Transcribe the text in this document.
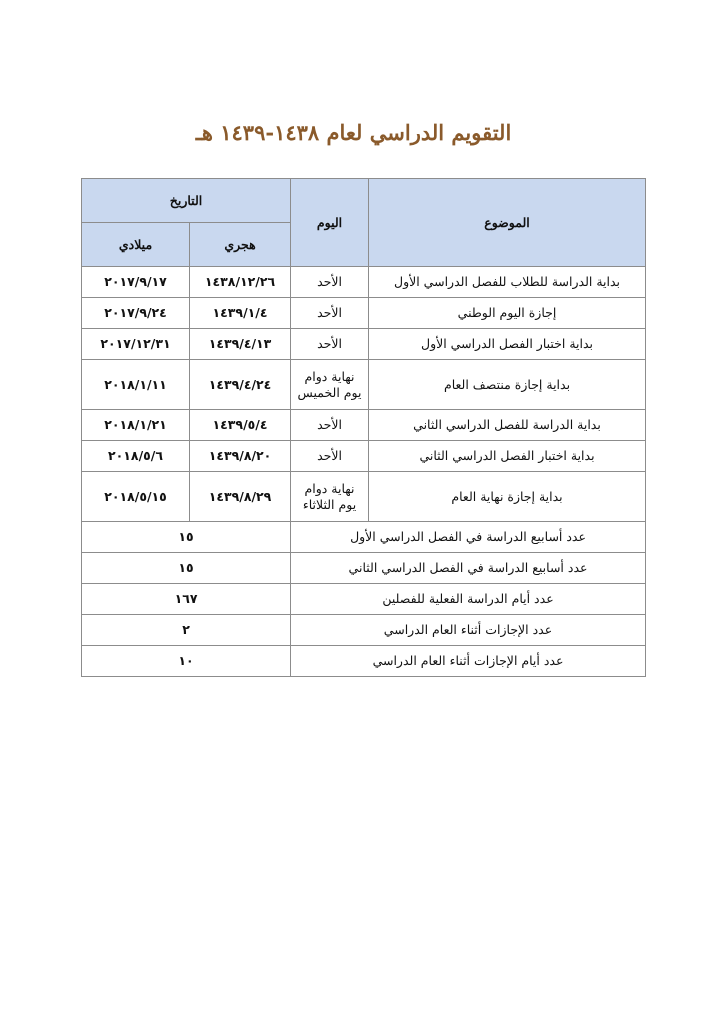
التقويم الدراسي لعام ١٤٣٨-١٤٣٩ هـ
الموضوع	اليوم	التاريخ	
		هجري	ميلادي
بداية الدراسة للطلاب للفصل الدراسي الأول	الأحد	١٤٣٨/١٢/٢٦	٢٠١٧/٩/١٧
إجازة اليوم الوطني	الأحد	١٤٣٩/١/٤	٢٠١٧/٩/٢٤
بداية اختبار الفصل الدراسي الأول	الأحد	١٤٣٩/٤/١٣	٢٠١٧/١٢/٣١
بداية إجازة منتصف العام	نهاية دوام يوم الخميس	١٤٣٩/٤/٢٤	٢٠١٨/١/١١
بداية الدراسة للفصل الدراسي الثاني	الأحد	١٤٣٩/٥/٤	٢٠١٨/١/٢١
بداية اختبار الفصل الدراسي الثاني	الأحد	١٤٣٩/٨/٢٠	٢٠١٨/٥/٦
بداية إجازة نهاية العام	نهاية دوام يوم الثلاثاء	١٤٣٩/٨/٢٩	٢٠١٨/٥/١٥
عدد أسابيع الدراسة في الفصل الدراسي الأول		١٥	
عدد أسابيع الدراسة في الفصل الدراسي الثاني		١٥	
عدد أيام الدراسة الفعلية للفصلين		١٦٧	
عدد الإجازات أثناء العام الدراسي		٢	
عدد أيام الإجازات أثناء العام الدراسي		١٠	
